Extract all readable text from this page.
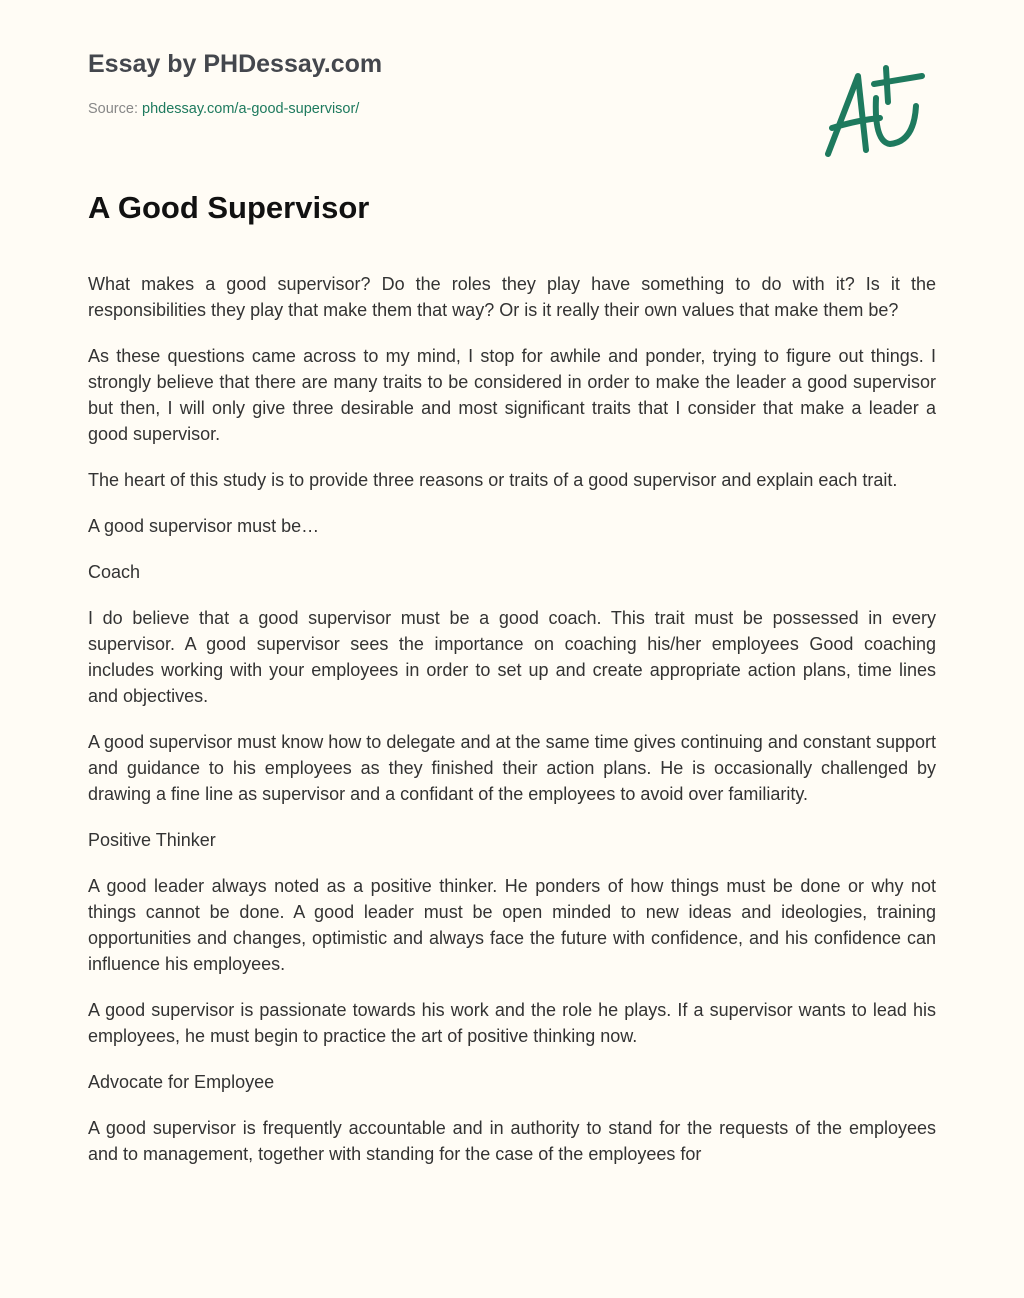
Essay by PHDessay.com

Source: phdessay.com/a-good-supervisor/

A Good Supervisor

What makes a good supervisor? Do the roles they play have something to do with it? Is it the responsibilities they play that make them that way? Or is it really their own values that make them be?

As these questions came across to my mind, I stop for awhile and ponder, trying to figure out things. I strongly believe that there are many traits to be considered in order to make the leader a good supervisor but then, I will only give three desirable and most significant traits that I consider that make a leader a good supervisor.

The heart of this study is to provide three reasons or traits of a good supervisor and explain each trait.

A good supervisor must be…

Coach

I do believe that a good supervisor must be a good coach. This trait must be possessed in every supervisor. A good supervisor sees the importance on coaching his/her employees Good coaching includes working with your employees in order to set up and create appropriate action plans, time lines and objectives.

A good supervisor must know how to delegate and at the same time gives continuing and constant support and guidance to his employees as they finished their action plans. He is occasionally challenged by drawing a fine line as supervisor and a confidant of the employees to avoid over familiarity.

Positive Thinker

A good leader always noted as a positive thinker. He ponders of how things must be done or why not things cannot be done. A good leader must be open minded to new ideas and ideologies, training opportunities and changes, optimistic and always face the future with confidence, and his confidence can influence his employees.

A good supervisor is passionate towards his work and the role he plays. If a supervisor wants to lead his employees, he must begin to practice the art of positive thinking now.

Advocate for Employee

A good supervisor is frequently accountable and in authority to stand for the requests of the employees and to management, together with standing for the case of the employees for
